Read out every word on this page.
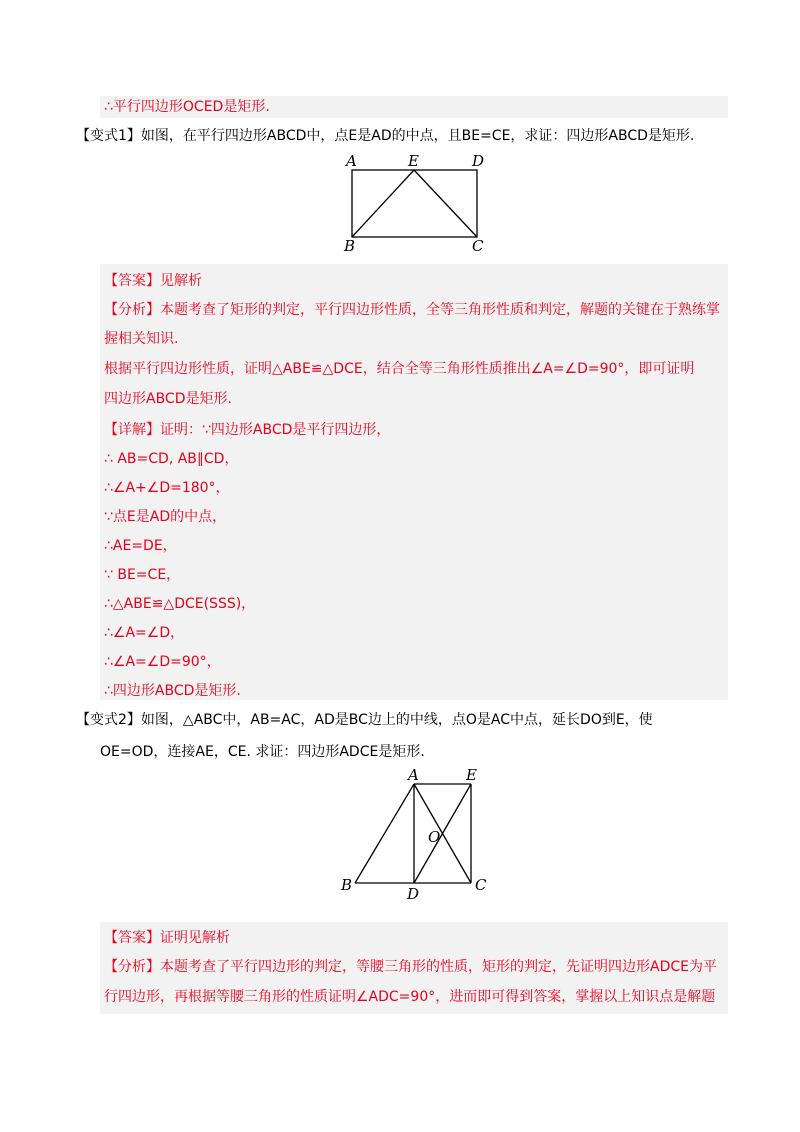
∴平行四边形OCED是矩形.
【变式1】如图，在平行四边形ABCD中，点E是AD的中点，且BE=CE，求证：四边形ABCD是矩形.
A	E	D
B	C
【答案】见解析
【分析】本题考查了矩形的判定，平行四边形性质，全等三角形性质和判定，解题的关键在于熟练掌
握相关知识.
根据平行四边形性质，证明△ABE≌△DCE，结合全等三角形性质推出∠A=∠D=90°，即可证明
四边形ABCD是矩形.
【详解】证明：∵四边形ABCD是平行四边形，
∴ AB=CD, AB∥CD，
∴∠A+∠D=180°，
∵点E是AD的中点，
∴AE=DE，
∵ BE=CE，
∴△ABE≌△DCE(SSS)，
∴∠A=∠D，
∴∠A=∠D=90°，
∴四边形ABCD是矩形.
【变式2】如图，△ABC中，AB=AC，AD是BC边上的中线，点O是AC中点，延长DO到E，使
OE=OD，连接AE，CE. 求证：四边形ADCE是矩形.
A	E
O
B	D	C
【答案】证明见解析
【分析】本题考查了平行四边形的判定，等腰三角形的性质，矩形的判定，先证明四边形ADCE为平
行四边形，再根据等腰三角形的性质证明∠ADC=90°，进而即可得到答案，掌握以上知识点是解题
